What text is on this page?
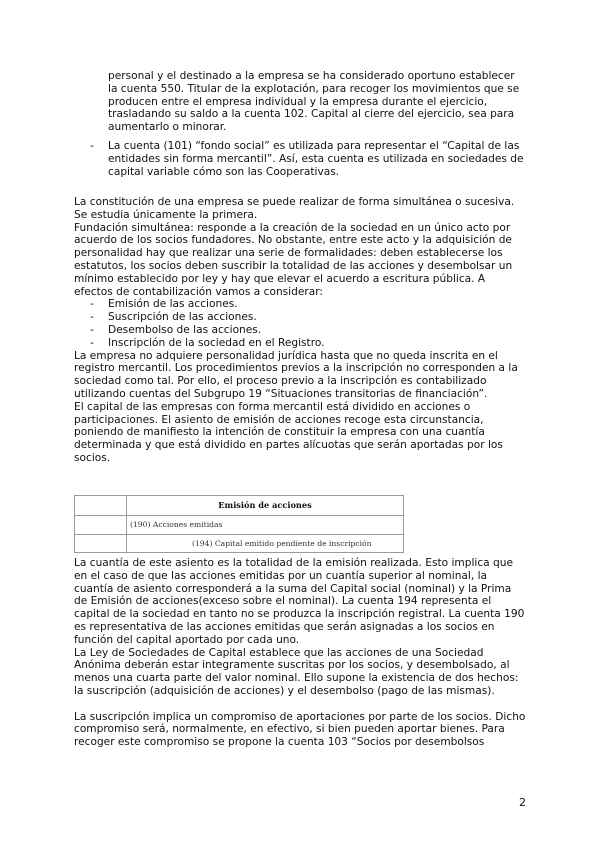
personal y el destinado a la empresa se ha considerado oportuno establecer la cuenta 550. Titular de la explotación, para recoger los movimientos que se producen entre el empresa individual y la empresa durante el ejercicio, trasladando su saldo a la cuenta 102. Capital al cierre del ejercicio, sea para aumentarlo o minorar.

- La cuenta (101) “fondo social” es utilizada para representar el “Capital de las entidades sin forma mercantil”. Así, esta cuenta es utilizada en sociedades de capital variable cómo son las Cooperativas.

La constitución de una empresa se puede realizar de forma simultánea o sucesiva. Se estudia únicamente la primera.

Fundación simultánea: responde a la creación de la sociedad en un único acto por acuerdo de los socios fundadores. No obstante, entre este acto y la adquisición de personalidad hay que realizar una serie de formalidades: deben establecerse los estatutos, los socios deben suscribir la totalidad de las acciones y desembolsar un mínimo establecido por ley y hay que elevar el acuerdo a escritura pública. A efectos de contabilización vamos a considerar:

- Emisión de las acciones.
- Suscripción de las acciones.
- Desembolso de las acciones.
- Inscripción de la sociedad en el Registro.

La empresa no adquiere personalidad jurídica hasta que no queda inscrita en el registro mercantil. Los procedimientos previos a la inscripción no corresponden a la sociedad como tal. Por ello, el proceso previo a la inscripción es contabilizado utilizando cuentas del Subgrupo 19 “Situaciones transitorias de financiación”.

El capital de las empresas con forma mercantil está dividido en acciones o participaciones. El asiento de emisión de acciones recoge esta circunstancia, poniendo de manifiesto la intención de constituir la empresa con una cuantía determinada y que está dividido en partes alícuotas que serán aportadas por los socios.

Emisión de acciones
(190) Acciones emitidas
(194) Capital emitido pendiente de inscripción

La cuantía de este asiento es la totalidad de la emisión realizada. Esto implica que en el caso de que las acciones emitidas por un cuantía superior al nominal, la cuantía de asiento corresponderá a la suma del Capital social (nominal) y la Prima de Emisión de acciones(exceso sobre el nominal). La cuenta 194 representa el capital de la sociedad en tanto no se produzca la inscripción registral. La cuenta 190 es representativa de las acciones emitidas que serán asignadas a los socios en función del capital aportado por cada uno.

La Ley de Sociedades de Capital establece que las acciones de una Sociedad Anónima deberán estar integramente suscritas por los socios, y desembolsado, al menos una cuarta parte del valor nominal. Ello supone la existencia de dos hechos: la suscripción (adquisición de acciones) y el desembolso (pago de las mismas).

La suscripción implica un compromiso de aportaciones por parte de los socios. Dicho compromiso será, normalmente, en efectivo, si bien pueden aportar bienes. Para recoger este compromiso se propone la cuenta 103 “Socios por desembolsos

2
